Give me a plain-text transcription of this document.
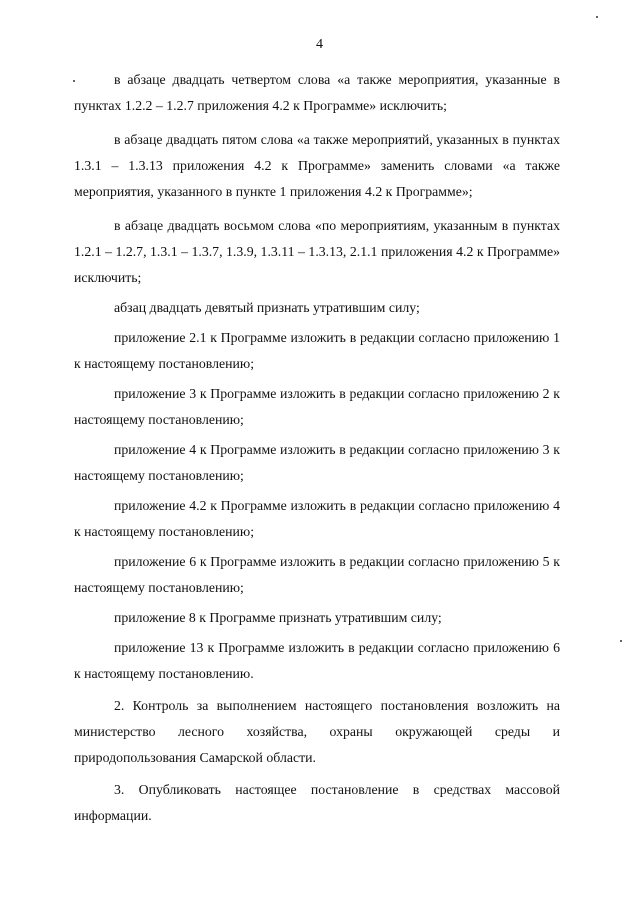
4

в абзаце двадцать четвертом слова «а также мероприятия, указанные в пунктах 1.2.2 – 1.2.7 приложения 4.2 к Программе» исключить;

в абзаце двадцать пятом слова «а также мероприятий, указанных в пунктах 1.3.1 – 1.3.13 приложения 4.2 к Программе» заменить словами «а также мероприятия, указанного в пункте 1 приложения 4.2 к Программе»;

в абзаце двадцать восьмом слова «по мероприятиям, указанным в пунктах 1.2.1 – 1.2.7, 1.3.1 – 1.3.7, 1.3.9, 1.3.11 – 1.3.13, 2.1.1 приложения 4.2 к Программе» исключить;

абзац двадцать девятый признать утратившим силу;

приложение 2.1 к Программе изложить в редакции согласно приложению 1 к настоящему постановлению;

приложение 3 к Программе изложить в редакции согласно приложению 2 к настоящему постановлению;

приложение 4 к Программе изложить в редакции согласно приложению 3 к настоящему постановлению;

приложение 4.2 к Программе изложить в редакции согласно приложению 4 к настоящему постановлению;

приложение 6 к Программе изложить в редакции согласно приложению 5 к настоящему постановлению;

приложение 8 к Программе признать утратившим силу;

приложение 13 к Программе изложить в редакции согласно приложению 6 к настоящему постановлению.

2. Контроль за выполнением настоящего постановления возложить на министерство лесного хозяйства, охраны окружающей среды и природопользования Самарской области.

3. Опубликовать настоящее постановление в средствах массовой информации.
